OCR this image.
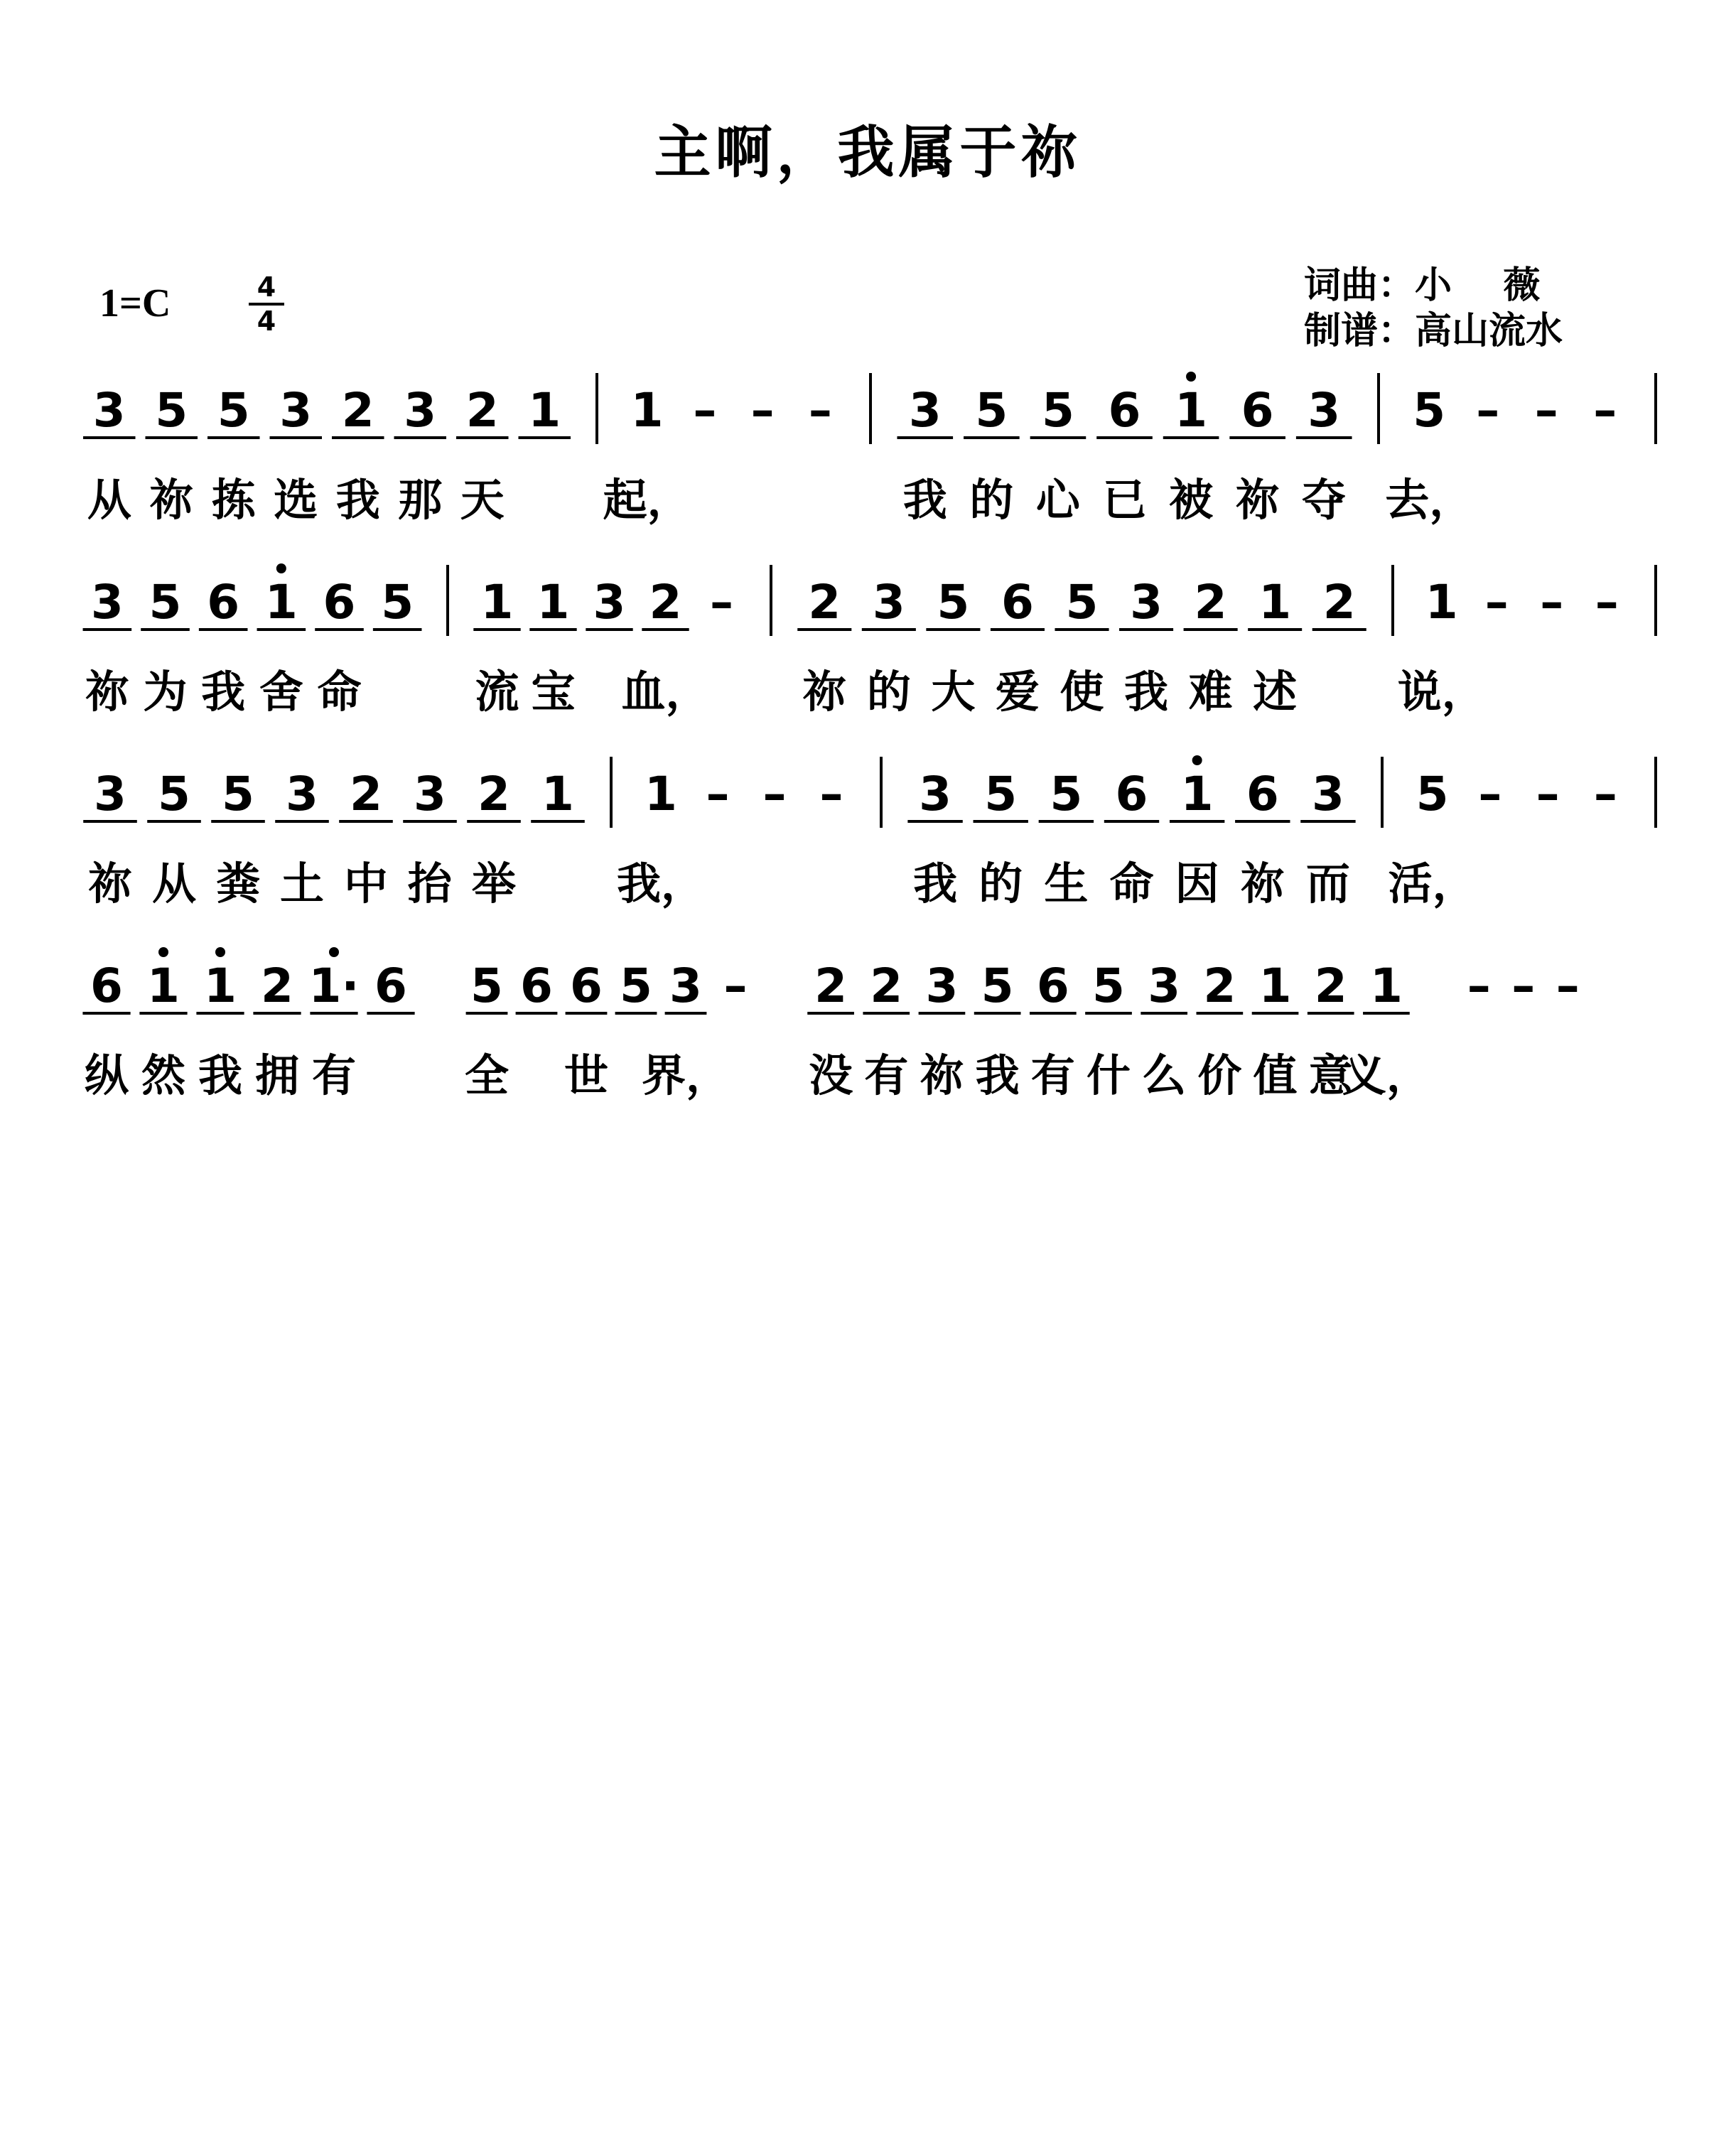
主啊，我属于祢
1=C	4
4
词曲：小    薇
制谱：高山流水
3
从
5
祢
5
拣
3
选
2
我
3
那
2
天
1 1
起，
– – – 3
我
5
的
5
心
6
已
1
被
6
祢
3
夺
5
去，
– – –
3
祢
5
为
6
我
1
舍
6
命
5 1
流
1
宝
3 2
血，
– 2
祢
3
的
5
大
6
爱
5
使
3
我
2
难
1
述
2 1
说，
– – –
3
祢
5
从
5
粪
3
土
2
中
3
抬
2
举
1 1
我，
– – – 3
我
5
的
5
生
6
命
1
因
6
祢
3
而
5
活，
– – –
6
纵
1
然
1
我
2
拥
1·
有
6 5
全
6 6
世
5 3
界，
– 2
没
2
有
3
祢
5
我
6
有
5
什
3
么
2
价
1
值
2
意
1
义，
– – –
